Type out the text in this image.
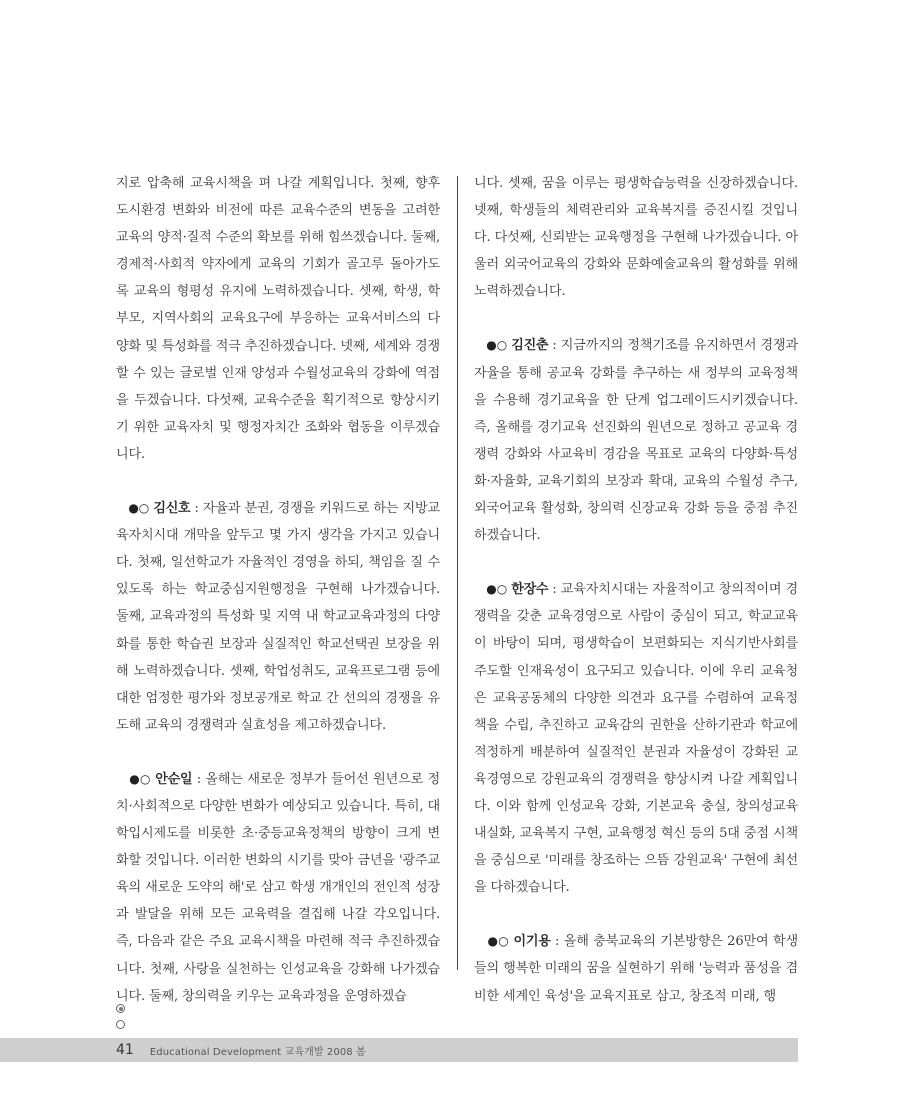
지로 압축해 교육시책을 펴 나갈 계획입니다. 첫째, 향후 도시환경 변화와 비전에 따른 교육수준의 변동을 고려한 교육의 양적·질적 수준의 확보를 위해 힘쓰겠습니다. 둘째, 경제적·사회적 약자에게 교육의 기회가 골고루 돌아가도록 교육의 형평성 유지에 노력하겠습니다. 셋째, 학생, 학부모, 지역사회의 교육요구에 부응하는 교육서비스의 다양화 및 특성화를 적극 추진하겠습니다. 넷째, 세계와 경쟁할 수 있는 글로벌 인재 양성과 수월성교육의 강화에 역점을 두겠습니다. 다섯째, 교육수준을 획기적으로 향상시키기 위한 교육자치 및 행정자치간 조화와 협동을 이루겠습니다.

●○ 김신호 : 자율과 분권, 경쟁을 키워드로 하는 지방교육자치시대 개막을 앞두고 몇 가지 생각을 가지고 있습니다. 첫째, 일선학교가 자율적인 경영을 하되, 책임을 질 수 있도록 하는 학교중심지원행정을 구현해 나가겠습니다. 둘째, 교육과정의 특성화 및 지역 내 학교교육과정의 다양화를 통한 학습권 보장과 실질적인 학교선택권 보장을 위해 노력하겠습니다. 셋째, 학업성취도, 교육프로그램 등에 대한 엄정한 평가와 정보공개로 학교 간 선의의 경쟁을 유도해 교육의 경쟁력과 실효성을 제고하겠습니다.

●○ 안순일 : 올해는 새로운 정부가 들어선 원년으로 정치·사회적으로 다양한 변화가 예상되고 있습니다. 특히, 대학입시제도를 비롯한 초·중등교육정책의 방향이 크게 변화할 것입니다. 이러한 변화의 시기를 맞아 금년을 '광주교육의 새로운 도약의 해'로 삼고 학생 개개인의 전인적 성장과 발달을 위해 모든 교육력을 결집해 나갈 각오입니다. 즉, 다음과 같은 주요 교육시책을 마련해 적극 추진하겠습니다. 첫째, 사랑을 실천하는 인성교육을 강화해 나가겠습니다. 둘째, 창의력을 키우는 교육과정을 운영하겠습

니다. 셋째, 꿈을 이루는 평생학습능력을 신장하겠습니다. 넷째, 학생들의 체력관리와 교육복지를 증진시킬 것입니다. 다섯째, 신뢰받는 교육행정을 구현해 나가겠습니다. 아울러 외국어교육의 강화와 문화예술교육의 활성화를 위해 노력하겠습니다.

●○ 김진춘 : 지금까지의 정책기조를 유지하면서 경쟁과 자율을 통해 공교육 강화를 추구하는 새 정부의 교육정책을 수용해 경기교육을 한 단계 업그레이드시키겠습니다. 즉, 올해를 경기교육 선진화의 원년으로 정하고 공교육 경쟁력 강화와 사교육비 경감을 목표로 교육의 다양화·특성화·자율화, 교육기회의 보장과 확대, 교육의 수월성 추구, 외국어교육 활성화, 창의력 신장교육 강화 등을 중점 추진하겠습니다.

●○ 한장수 : 교육자치시대는 자율적이고 창의적이며 경쟁력을 갖춘 교육경영으로 사람이 중심이 되고, 학교교육이 바탕이 되며, 평생학습이 보편화되는 지식기반사회를 주도할 인재육성이 요구되고 있습니다. 이에 우리 교육청은 교육공동체의 다양한 의견과 요구를 수렴하여 교육정책을 수립, 추진하고 교육감의 권한을 산하기관과 학교에 적정하게 배분하여 실질적인 분권과 자율성이 강화된 교육경영으로 강원교육의 경쟁력을 향상시켜 나갈 계획입니다. 이와 함께 인성교육 강화, 기본교육 충실, 창의성교육 내실화, 교육복지 구현, 교육행정 혁신 등의 5대 중점 시책을 중심으로 '미래를 창조하는 으뜸 강원교육' 구현에 최선을 다하겠습니다.

●○ 이기용 : 올해 충북교육의 기본방향은 26만여 학생들의 행복한 미래의 꿈을 실현하기 위해 '능력과 품성을 겸비한 세계인 육성'을 교육지표로 삼고, 창조적 미래, 행

41 Educational Development 교육개발 2008 봄
